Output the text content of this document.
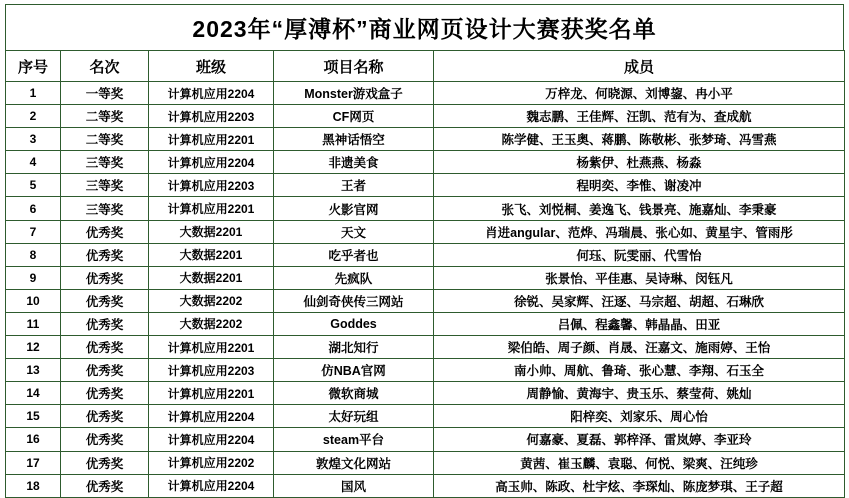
2023年“厚溥杯”商业网页设计大赛获奖名单
序号	名次	班级	项目名称	成员
1	一等奖	计算机应用2204	Monster游戏盒子	万梓龙、何晓源、刘博鋆、冉小平
2	二等奖	计算机应用2203	CF网页	魏志鹏、王佳辉、汪凯、范有为、查成航
3	二等奖	计算机应用2201	黑神话悟空	陈学健、王玉奥、蒋鹏、陈敬彬、张梦琦、冯雪燕
4	三等奖	计算机应用2204	非遗美食	杨紫伊、杜燕燕、杨淼
5	三等奖	计算机应用2203	王者	程明奕、李惟、谢凌冲
6	三等奖	计算机应用2201	火影官网	张飞、刘悦桐、姜逸飞、钱景亮、施嘉灿、李秉豪
7	优秀奖	大数据2201	天文	肖进angular、范烨、冯瑞晨、张心如、黄星宇、管雨彤
8	优秀奖	大数据2201	吃乎者也	何珏、阮雯丽、代雪怡
9	优秀奖	大数据2201	先疯队	张景怡、平佳惠、吴诗琳、闵钰凡
10	优秀奖	大数据2202	仙剑奇侠传三网站	徐锐、吴家辉、汪逐、马宗超、胡超、石琳欣
11	优秀奖	大数据2202	Goddes	吕佩、程鑫馨、韩晶晶、田亚
12	优秀奖	计算机应用2201	湖北知行	梁伯皓、周子颜、肖晟、汪嘉文、施雨婷、王怡
13	优秀奖	计算机应用2203	仿NBA官网	南小帅、周航、鲁琦、张心慧、李翔、石玉全
14	优秀奖	计算机应用2201	微软商城	周静愉、黄海宇、贵玉乐、蔡莹荷、姚灿
15	优秀奖	计算机应用2204	太好玩组	阳梓奕、刘家乐、周心怡
16	优秀奖	计算机应用2204	steam平台	何嘉豪、夏磊、郭梓泽、雷岚婷、李亚玲
17	优秀奖	计算机应用2202	敦煌文化网站	黄茜、崔玉麟、袁聪、何悦、梁爽、汪纯珍
18	优秀奖	计算机应用2204	国风	高玉帅、陈政、杜宇炫、李琛灿、陈庞梦琪、王子超
